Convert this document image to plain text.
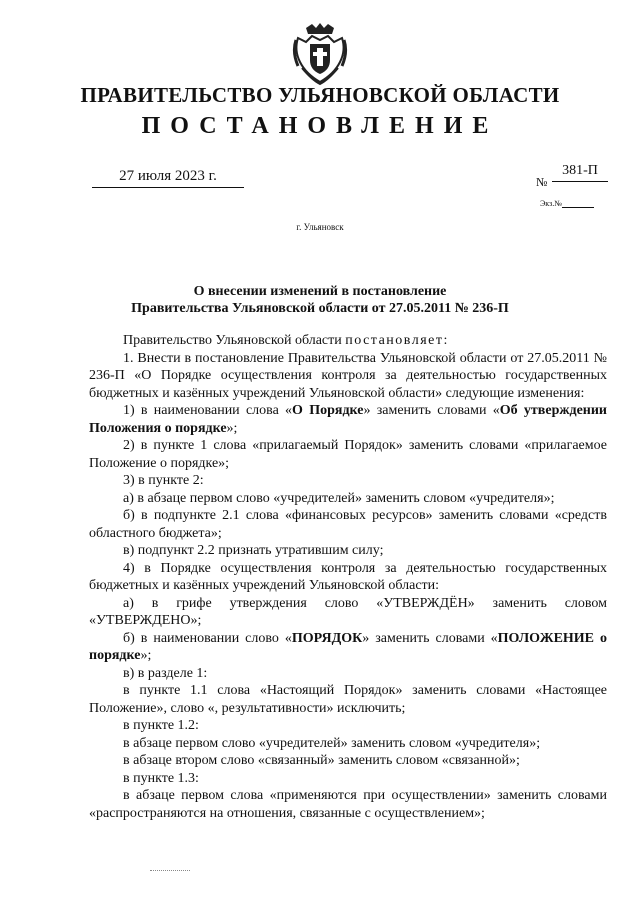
ПРАВИТЕЛЬСТВО УЛЬЯНОВСКОЙ ОБЛАСТИ
ПОСТАНОВЛЕНИЕ
27 июля 2023 г.	№
381-П
Экз.№
г. Ульяновск
О внесении изменений в постановление
Правительства Ульяновской области от 27.05.2011 № 236-П

Правительство Ульяновской области постановляет:

1. Внести в постановление Правительства Ульяновской области от 27.05.2011 № 236-П «О Порядке осуществления контроля за деятельностью государственных бюджетных и казённых учреждений Ульяновской области» следующие изменения:

1) в наименовании слова «О Порядке» заменить словами «Об утверждении Положения о порядке»;

2) в пункте 1 слова «прилагаемый Порядок» заменить словами «прилагаемое Положение о порядке»;

3) в пункте 2:

а) в абзаце первом слово «учредителей» заменить словом «учредителя»;

б) в подпункте 2.1 слова «финансовых ресурсов» заменить словами «средств областного бюджета»;

в) подпункт 2.2 признать утратившим силу;

4) в Порядке осуществления контроля за деятельностью государственных бюджетных и казённых учреждений Ульяновской области:

а) в грифе утверждения слово «УТВЕРЖДЁН» заменить словом «УТВЕРЖДЕНО»;

б) в наименовании слово «ПОРЯДОК» заменить словами «ПОЛОЖЕНИЕ о порядке»;

в) в разделе 1:

в пункте 1.1 слова «Настоящий Порядок» заменить словами «Настоящее Положение», слово «, результативности» исключить;

в пункте 1.2:

в абзаце первом слово «учредителей» заменить словом «учредителя»;

в абзаце втором слово «связанный» заменить словом «связанной»;

в пункте 1.3:

в абзаце первом слова «применяются при осуществлении» заменить словами «распространяются на отношения, связанные с осуществлением»;
